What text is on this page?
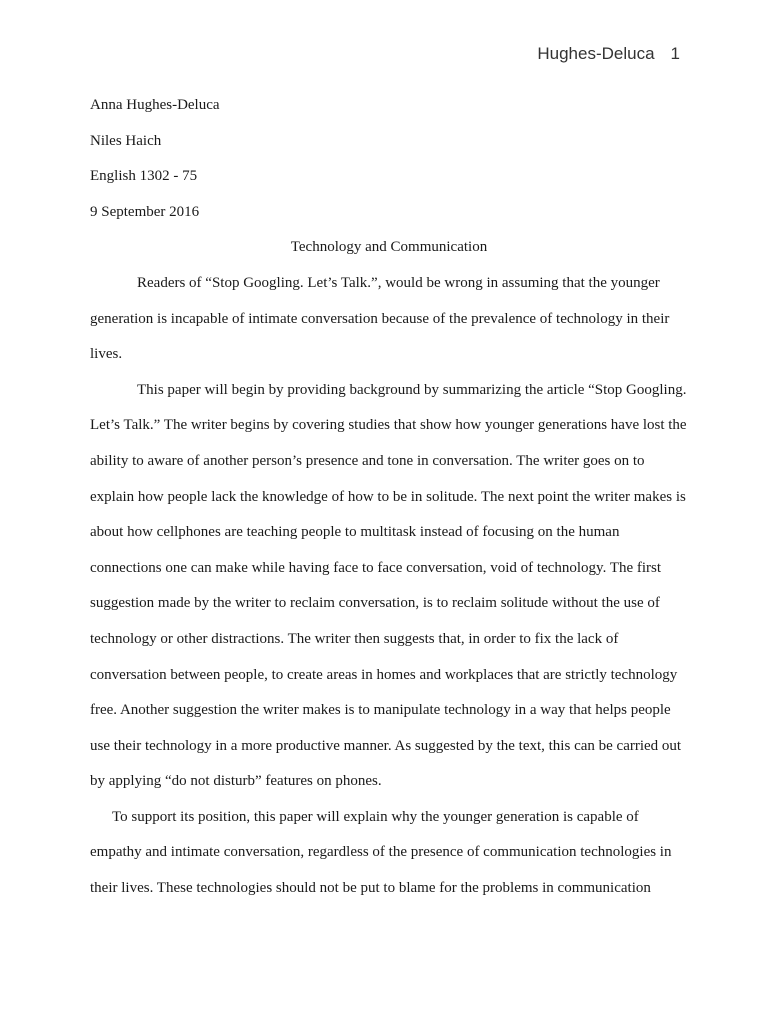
Hughes-Deluca 1

Anna Hughes-Deluca

Niles Haich

English 1302 - 75

9 September 2016

Technology and Communication

Readers of “Stop Googling. Let’s Talk.”, would be wrong in assuming that the younger generation is incapable of intimate conversation because of the prevalence of technology in their lives.

This paper will begin by providing background by summarizing the article “Stop Googling. Let’s Talk.” The writer begins by covering studies that show how younger generations have lost the ability to aware of another person’s presence and tone in conversation. The writer goes on to explain how people lack the knowledge of how to be in solitude. The next point the writer makes is about how cellphones are teaching people to multitask instead of focusing on the human connections one can make while having face to face conversation, void of technology. The first suggestion made by the writer to reclaim conversation, is to reclaim solitude without the use of technology or other distractions. The writer then suggests that, in order to fix the lack of conversation between people, to create areas in homes and workplaces that are strictly technology free. Another suggestion the writer makes is to manipulate technology in a way that helps people use their technology in a more productive manner. As suggested by the text, this can be carried out by applying “do not disturb” features on phones.

To support its position, this paper will explain why the younger generation is capable of empathy and intimate conversation, regardless of the presence of communication technologies in their lives. These technologies should not be put to blame for the problems in communication
